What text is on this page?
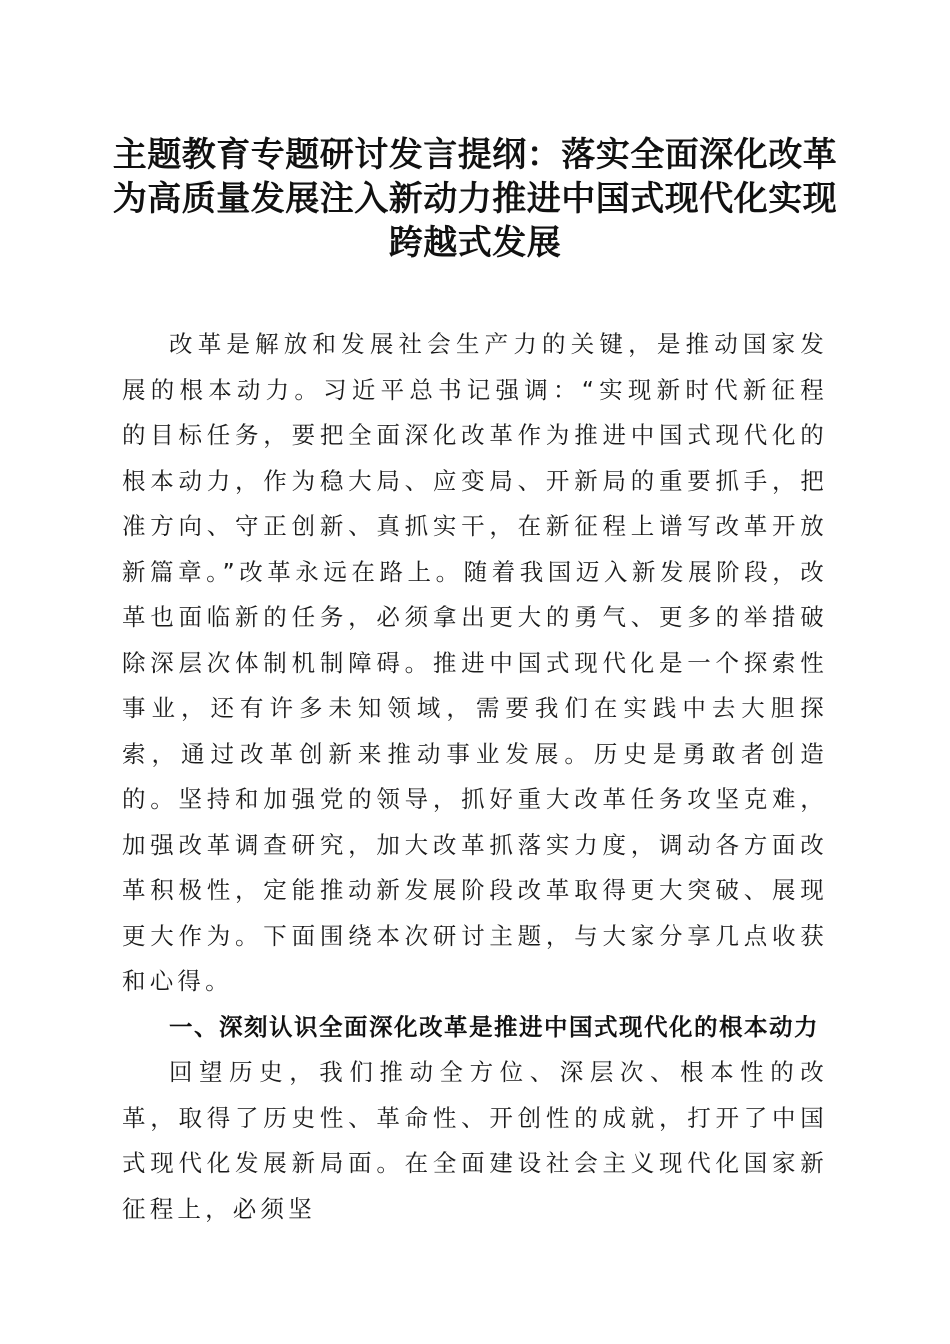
主题教育专题研讨发言提纲：落实全面深化改革为高质量发展注入新动力推进中国式现代化实现跨越式发展

改革是解放和发展社会生产力的关键，是推动国家发展的根本动力。习近平总书记强调：“实现新时代新征程的目标任务，要把全面深化改革作为推进中国式现代化的根本动力，作为稳大局、应变局、开新局的重要抓手，把准方向、守正创新、真抓实干，在新征程上谱写改革开放新篇章。”改革永远在路上。随着我国迈入新发展阶段，改革也面临新的任务，必须拿出更大的勇气、更多的举措破除深层次体制机制障碍。推进中国式现代化是一个探索性事业，还有许多未知领域，需要我们在实践中去大胆探索，通过改革创新来推动事业发展。历史是勇敢者创造的。坚持和加强党的领导，抓好重大改革任务攻坚克难，加强改革调查研究，加大改革抓落实力度，调动各方面改革积极性，定能推动新发展阶段改革取得更大突破、展现更大作为。下面围绕本次研讨主题，与大家分享几点收获和心得。

一、深刻认识全面深化改革是推进中国式现代化的根本动力

回望历史，我们推动全方位、深层次、根本性的改革，取得了历史性、革命性、开创性的成就，打开了中国式现代化发展新局面。在全面建设社会主义现代化国家新征程上，必须坚
